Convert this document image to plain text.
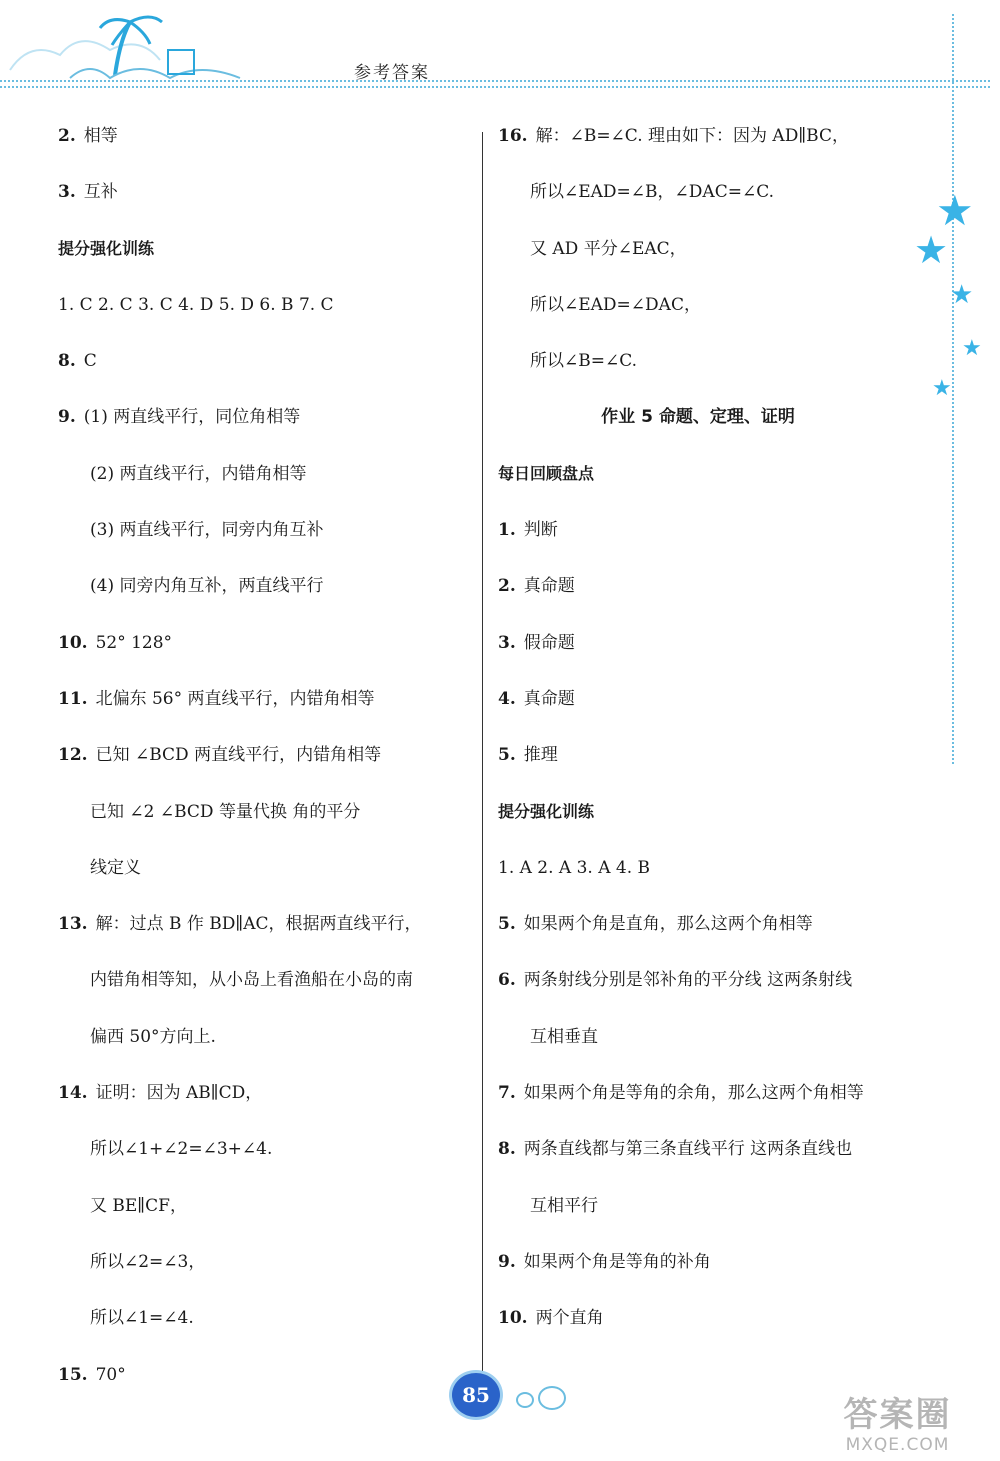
参考答案
★
★
★
★
★
2. 相等
3. 互补
提分强化训练
1. C 2. C 3. C 4. D 5. D 6. B 7. C
8. C
9. (1) 两直线平行，同位角相等
(2) 两直线平行，内错角相等
(3) 两直线平行，同旁内角互补
(4) 同旁内角互补，两直线平行
10. 52° 128°
11. 北偏东 56° 两直线平行，内错角相等
12. 已知 ∠BCD 两直线平行，内错角相等
已知 ∠2 ∠BCD 等量代换 角的平分
线定义
13. 解：过点 B 作 BD∥AC，根据两直线平行，
内错角相等知，从小岛上看渔船在小岛的南
偏西 50°方向上.
14. 证明：因为 AB∥CD，
所以∠1+∠2=∠3+∠4.
又 BE∥CF，
所以∠2=∠3，
所以∠1=∠4.
15. 70°
16. 解：∠B=∠C. 理由如下：因为 AD∥BC，
所以∠EAD=∠B，∠DAC=∠C.
又 AD 平分∠EAC，
所以∠EAD=∠DAC，
所以∠B=∠C.
作业 5 命题、定理、证明
每日回顾盘点
1. 判断
2. 真命题
3. 假命题
4. 真命题
5. 推理
提分强化训练
1. A 2. A 3. A 4. B
5. 如果两个角是直角，那么这两个角相等
6. 两条射线分别是邻补角的平分线 这两条射线
互相垂直
7. 如果两个角是等角的余角，那么这两个角相等
8. 两条直线都与第三条直线平行 这两条直线也
互相平行
9. 如果两个角是等角的补角
10. 两个直角
85	答案圈
MXQE.COM
